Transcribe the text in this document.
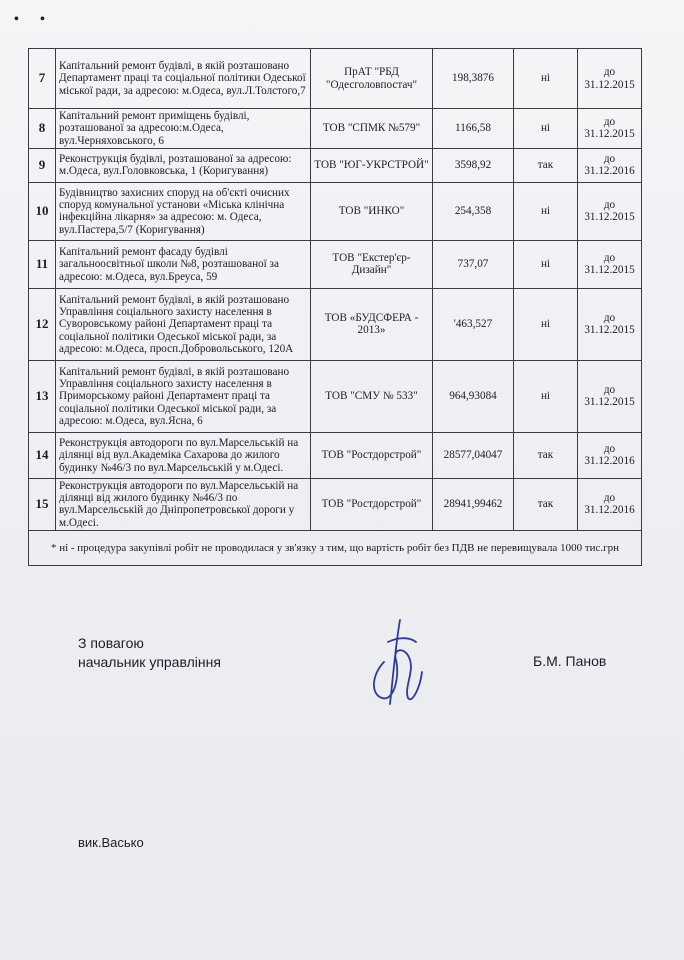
• •
7	Капітальний ремонт будівлі, в якій розташовано Департамент праці та соціальної політики Одеської міської ради, за адресою: м.Одеса, вул.Л.Толстого,7	ПрАТ "РБД "Одесголовпостач"	198,3876	ні	до 31.12.2015
8	Капітальний ремонт приміщень будівлі, розташованої за адресою:м.Одеса, вул.Черняховського, 6	ТОВ "СПМК №579"	1166,58	ні	до 31.12.2015
9	Реконструкція будівлі, розташованої за адресою: м.Одеса, вул.Головковська, 1 (Коригування)	ТОВ "ЮГ-УКРСТРОЙ"	3598,92	так	до 31.12.2016
10	Будівництво захисних споруд на об'єкті очисних споруд комунальної установи «Міська клінічна інфекційна лікарня» за адресою: м. Одеса, вул.Пастера,5/7 (Коригування)	ТОВ "ИНКО"	254,358	ні	до 31.12.2015
11	Капітальний ремонт фасаду будівлі загальноосвітньої школи №8, розташованої за адресою: м.Одеса, вул.Бреуса, 59	ТОВ "Екстер'єр-Дизайн"	737,07	ні	до 31.12.2015
12	Капітальний ремонт будівлі, в якій розташовано Управління соціального захисту населення в Суворовському районі Департамент праці та соціальної політики Одеської міської ради, за адресою: м.Одеса, просп.Добровольського, 120А	ТОВ «БУДСФЕРА - 2013»	'463,527	ні	до 31.12.2015
13	Капітальний ремонт будівлі, в якій розташовано Управління соціального захисту населення в Приморському районі Департамент праці та соціальної політики Одеської міської ради, за адресою: м.Одеса, вул.Ясна, 6	ТОВ "СМУ № 533"	964,93084	ні	до 31.12.2015
14	Реконструкція автодороги по вул.Марсельській на ділянці від вул.Академіка Сахарова до жилого будинку №46/3 по вул.Марсельській у м.Одесі.	ТОВ "Ростдорстрой"	28577,04047	так	до 31.12.2016
15	Реконструкція автодороги по вул.Марсельській на ділянці від жилого будинку №46/3 по вул.Марсельській до Дніпропетровської дороги у м.Одесі.	ТОВ "Ростдорстрой"	28941,99462	так	до 31.12.2016
* ні - процедура закупівлі робіт не проводилася у зв'язку з тим, що вартість робіт без ПДВ не перевищувала 1000 тис.грн					
З повагою
начальник управління	Б.М. Панов
вик.Васько
